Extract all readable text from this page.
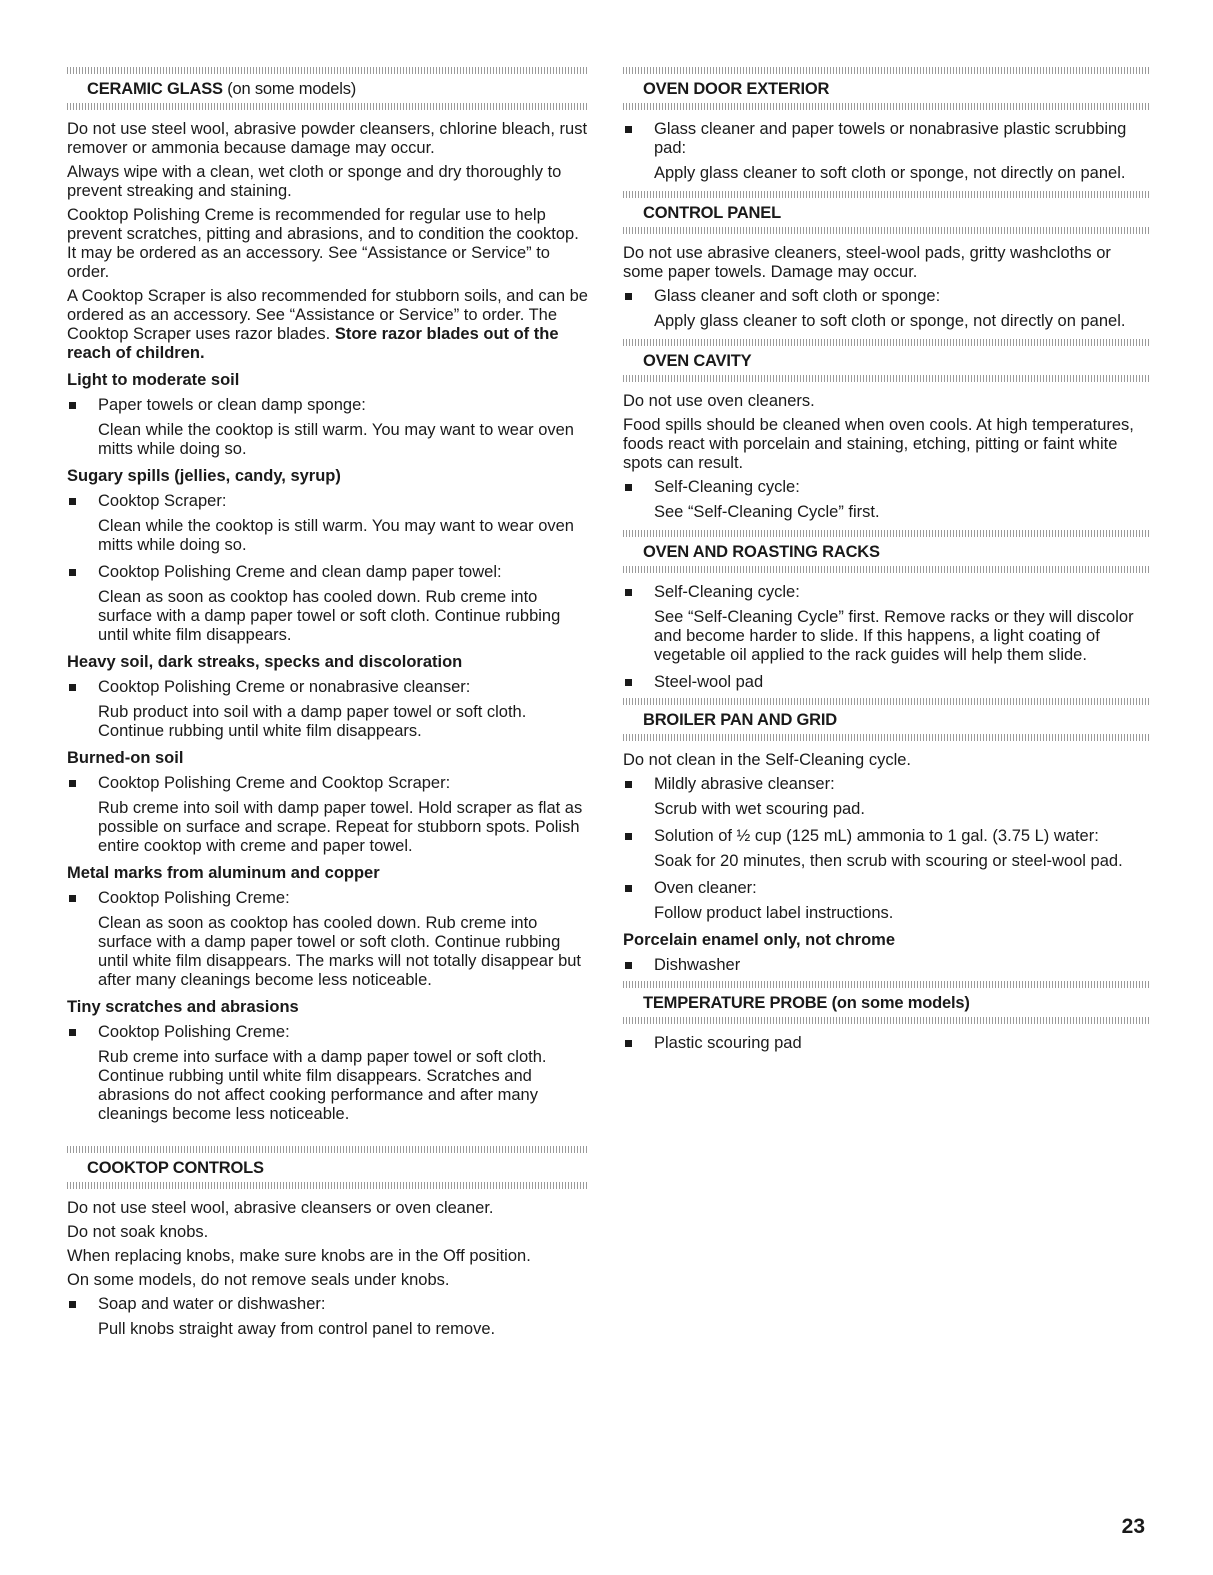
CERAMIC GLASS (on some models)

Do not use steel wool, abrasive powder cleansers, chlorine bleach, rust remover or ammonia because damage may occur.

Always wipe with a clean, wet cloth or sponge and dry thoroughly to prevent streaking and staining.

Cooktop Polishing Creme is recommended for regular use to help prevent scratches, pitting and abrasions, and to condition the cooktop. It may be ordered as an accessory. See “Assistance or Service” to order.

A Cooktop Scraper is also recommended for stubborn soils, and can be ordered as an accessory. See “Assistance or Service” to order. The Cooktop Scraper uses razor blades. Store razor blades out of the reach of children.

Light to moderate soil
Paper towels or clean damp sponge:
Clean while the cooktop is still warm. You may want to wear oven mitts while doing so.
Sugary spills (jellies, candy, syrup)
Cooktop Scraper:
Clean while the cooktop is still warm. You may want to wear oven mitts while doing so.
Cooktop Polishing Creme and clean damp paper towel:
Clean as soon as cooktop has cooled down. Rub creme into surface with a damp paper towel or soft cloth. Continue rubbing until white film disappears.
Heavy soil, dark streaks, specks and discoloration
Cooktop Polishing Creme or nonabrasive cleanser:
Rub product into soil with a damp paper towel or soft cloth. Continue rubbing until white film disappears.
Burned-on soil
Cooktop Polishing Creme and Cooktop Scraper:
Rub creme into soil with damp paper towel. Hold scraper as flat as possible on surface and scrape. Repeat for stubborn spots. Polish entire cooktop with creme and paper towel.
Metal marks from aluminum and copper
Cooktop Polishing Creme:
Clean as soon as cooktop has cooled down. Rub creme into surface with a damp paper towel or soft cloth. Continue rubbing until white film disappears. The marks will not totally disappear but after many cleanings become less noticeable.
Tiny scratches and abrasions
Cooktop Polishing Creme:
Rub creme into surface with a damp paper towel or soft cloth. Continue rubbing until white film disappears. Scratches and abrasions do not affect cooking performance and after many cleanings become less noticeable.
COOKTOP CONTROLS

Do not use steel wool, abrasive cleansers or oven cleaner.

Do not soak knobs.

When replacing knobs, make sure knobs are in the Off position.

On some models, do not remove seals under knobs.

Soap and water or dishwasher:
Pull knobs straight away from control panel to remove.
OVEN DOOR EXTERIOR
Glass cleaner and paper towels or nonabrasive plastic scrubbing pad:
Apply glass cleaner to soft cloth or sponge, not directly on panel.
CONTROL PANEL

Do not use abrasive cleaners, steel-wool pads, gritty washcloths or some paper towels. Damage may occur.

Glass cleaner and soft cloth or sponge:
Apply glass cleaner to soft cloth or sponge, not directly on panel.
OVEN CAVITY

Do not use oven cleaners.

Food spills should be cleaned when oven cools. At high temperatures, foods react with porcelain and staining, etching, pitting or faint white spots can result.

Self-Cleaning cycle:
See “Self-Cleaning Cycle” first.
OVEN AND ROASTING RACKS
Self-Cleaning cycle:
See “Self-Cleaning Cycle” first. Remove racks or they will discolor and become harder to slide. If this happens, a light coating of vegetable oil applied to the rack guides will help them slide.
Steel-wool pad
BROILER PAN AND GRID

Do not clean in the Self-Cleaning cycle.

Mildly abrasive cleanser:
Scrub with wet scouring pad.
Solution of ½ cup (125 mL) ammonia to 1 gal. (3.75 L) water:
Soak for 20 minutes, then scrub with scouring or steel-wool pad.
Oven cleaner:
Follow product label instructions.
Porcelain enamel only, not chrome
Dishwasher
TEMPERATURE PROBE (on some models)
Plastic scouring pad
23
